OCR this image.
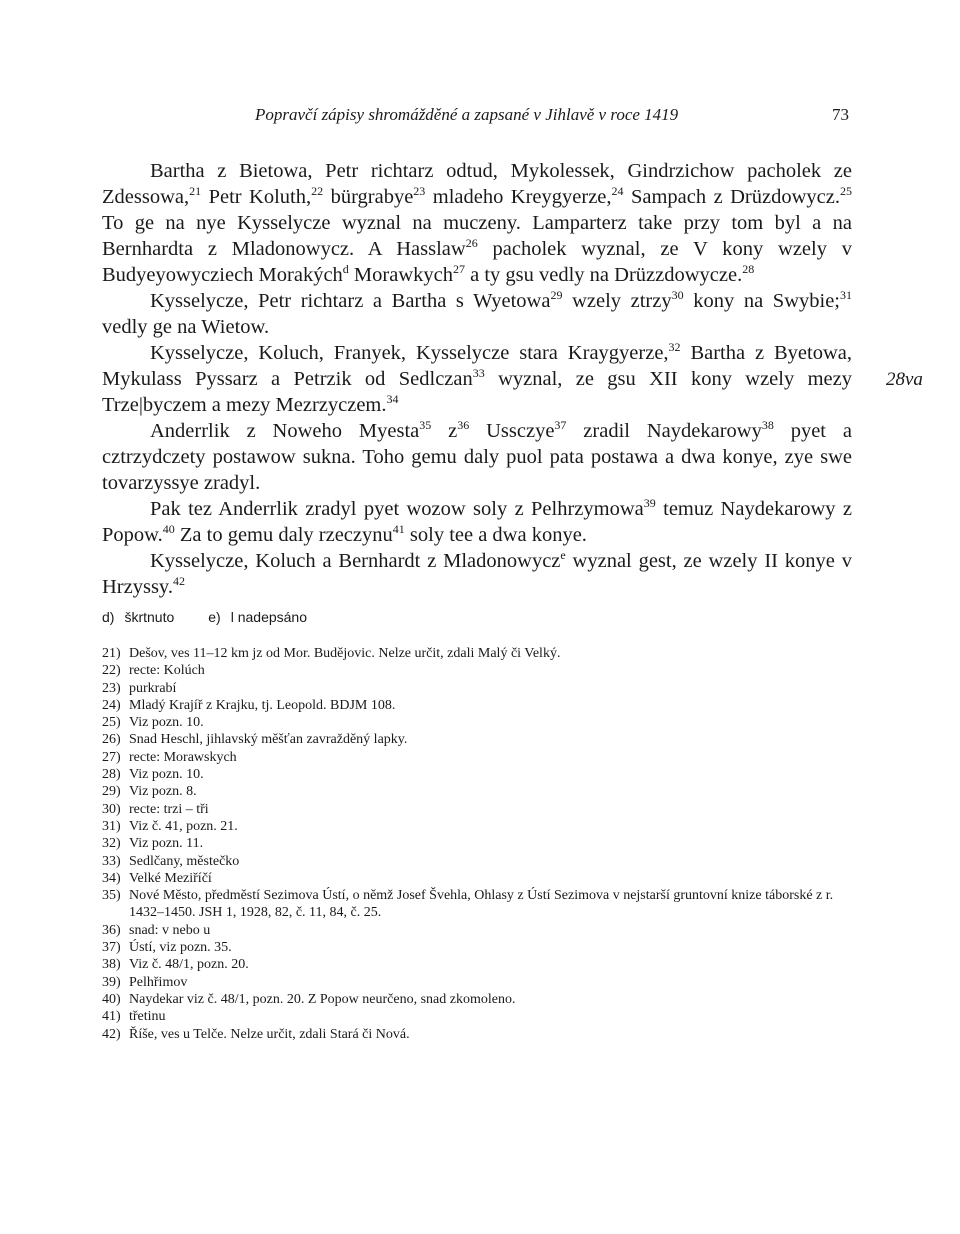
Popravčí zápisy shromážděné a zapsané v Jihlavě v roce 1419	73
28va

Bartha z Bietowa, Petr richtarz odtud, Mykolessek, Gindrzichow pacholek ze Zdessowa,$^{21}$ Petr Koluth,$^{22}$ bürgrabye$^{23}$ mladeho Kreygyerze,$^{24}$ Sampach z Drüzdowycz.$^{25}$ To ge na nye Kysselycze wyznal na muczeny. Lamparterz take przy tom byl a na Bernhardta z Mladonowycz. A Hasslaw$^{26}$ pacholek wyznal, ze V kony wzely v Budyeyowycziech Morakých$^d$ Morawkych$^{27}$ a ty gsu vedly na Drüzzdowycze.$^{28}$

Kysselycze, Petr richtarz a Bartha s Wyetowa$^{29}$ wzely ztrzy$^{30}$ kony na Swybie;$^{31}$ vedly ge na Wietow.

Kysselycze, Koluch, Franyek, Kysselycze stara Kraygyerze,$^{32}$ Bartha z Byetowa, Mykulass Pyssarz a Petrzik od Sedlczan$^{33}$ wyznal, ze gsu XII kony wzely mezy Trze|byczem a mezy Mezrzyczem.$^{34}$

Anderrlik z Noweho Myesta$^{35}$ $z^{36}$ Ussczye$^{37}$ zradil Naydekarowy$^{38}$ pyet a cztrzydczety postawow sukna. Toho gemu daly puol pata postawa a dwa konye, zye swe tovarzyssye zradyl.

Pak tez Anderrlik zradyl pyet wozow soly z Pelhrzymowa$^{39}$ temuz Naydekarowy z Popow.$^{40}$ Za to gemu daly rzeczynu$^{41}$ soly tee a dwa konye.

Kysselycze, Koluch a Bernhardt z Mladonowycz$^e$ wyznal gest, ze wzely II konye v Hrzyssy.$^{42}$

d) škrtnuto e) l nadepsáno
21) Dešov, ves 11–12 km jz od Mor. Budějovic. Nelze určit, zdali Malý či Velký.
22) recte: Kolúch
23) purkrabí
24) Mladý Krajíř z Krajku, tj. Leopold. BDJM 108.
25) Viz pozn. 10.
26) Snad Heschl, jihlavský měšťan zavražděný lapky.
27) recte: Morawskych
28) Viz pozn. 10.
29) Viz pozn. 8.
30) recte: trzi – tři
31) Viz č. 41, pozn. 21.
32) Viz pozn. 11.
33) Sedlčany, městečko
34) Velké Meziříčí
35) Nové Město, předměstí Sezimova Ústí, o němž Josef Švehla, Ohlasy z Ústí Sezimova v nejstarší gruntovní knize táborské z r. 1432–1450. JSH 1, 1928, 82, č. 11, 84, č. 25.
36) snad: v nebo u
37) Ústí, viz pozn. 35.
38) Viz č. 48/1, pozn. 20.
39) Pelhřimov
40) Naydekar viz č. 48/1, pozn. 20. Z Popow neurčeno, snad zkomoleno.
41) třetinu
42) Říše, ves u Telče. Nelze určit, zdali Stará či Nová.
